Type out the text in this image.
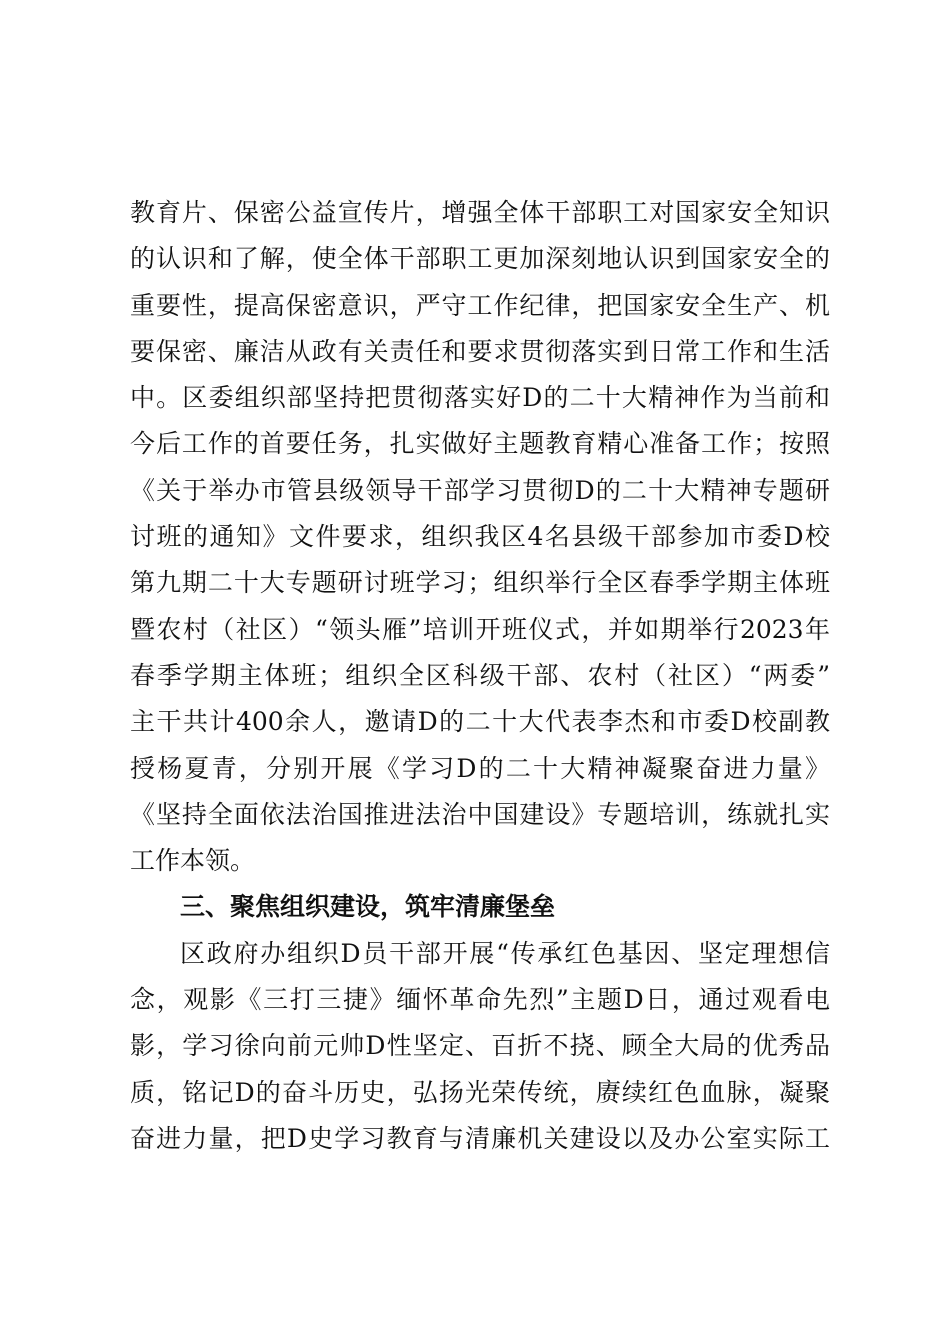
教育片、保密公益宣传片，增强全体干部职工对国家安全知识
的认识和了解，使全体干部职工更加深刻地认识到国家安全的
重要性，提高保密意识，严守工作纪律，把国家安全生产、机
要保密、廉洁从政有关责任和要求贯彻落实到日常工作和生活
中。区委组织部坚持把贯彻落实好D的二十大精神作为当前和
今后工作的首要任务，扎实做好主题教育精心准备工作；按照
《关于举办市管县级领导干部学习贯彻D的二十大精神专题研
讨班的通知》文件要求，组织我区4名县级干部参加市委D校
第九期二十大专题研讨班学习；组织举行全区春季学期主体班
暨农村（社区）“领头雁”培训开班仪式，并如期举行2023年
春季学期主体班；组织全区科级干部、农村（社区）“两委”
主干共计400余人，邀请D的二十大代表李杰和市委D校副教
授杨夏青，分别开展《学习D的二十大精神凝聚奋进力量》
《坚持全面依法治国推进法治中国建设》专题培训，练就扎实
工作本领。
三、聚焦组织建设，筑牢清廉堡垒
区政府办组织D员干部开展“传承红色基因、坚定理想信
念，观影《三打三捷》缅怀革命先烈”主题D日，通过观看电
影，学习徐向前元帅D性坚定、百折不挠、顾全大局的优秀品
质，铭记D的奋斗历史，弘扬光荣传统，赓续红色血脉，凝聚
奋进力量，把D史学习教育与清廉机关建设以及办公室实际工
